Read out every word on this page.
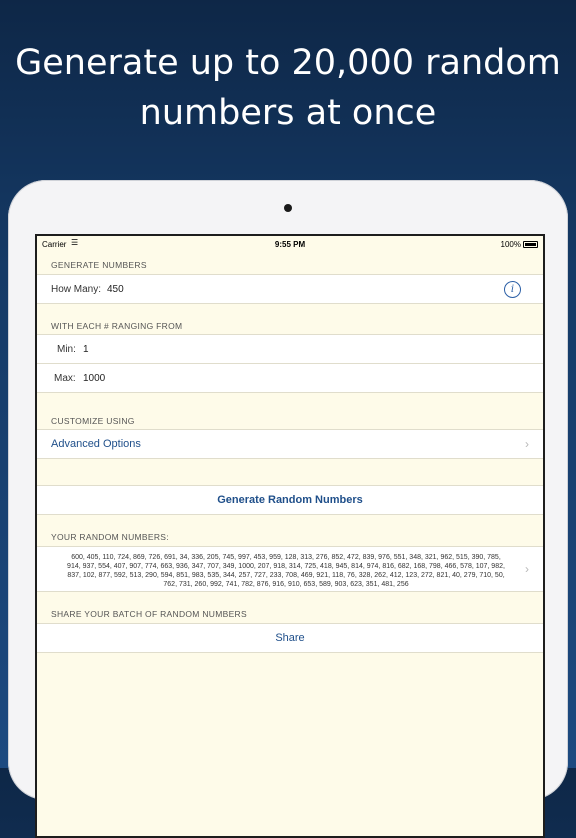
Generate up to 20,000 random
numbers at once
Carrier ☰	9:55 PM	100%
GENERATE NUMBERS
How Many: 450	i
WITH EACH # RANGING FROM
Min: 1
Max: 1000
CUSTOMIZE USING
Advanced Options	›
Generate Random Numbers
YOUR RANDOM NUMBERS:
600, 405, 110, 724, 869, 726, 691, 34, 336, 205, 745, 997, 453, 959, 128, 313, 276, 852, 472, 839, 976, 551, 348, 321, 962, 515, 390, 785,
914, 937, 554, 407, 907, 774, 663, 936, 347, 707, 349, 1000, 207, 918, 314, 725, 418, 945, 814, 974, 816, 682, 168, 798, 466, 578, 107, 982,
837, 102, 877, 592, 513, 290, 594, 851, 983, 535, 344, 257, 727, 233, 708, 469, 921, 118, 76, 328, 262, 412, 123, 272, 821, 40, 279, 710, 50,
762, 731, 260, 992, 741, 782, 876, 916, 910, 653, 589, 903, 623, 351, 481, 256
›
SHARE YOUR BATCH OF RANDOM NUMBERS
Share
